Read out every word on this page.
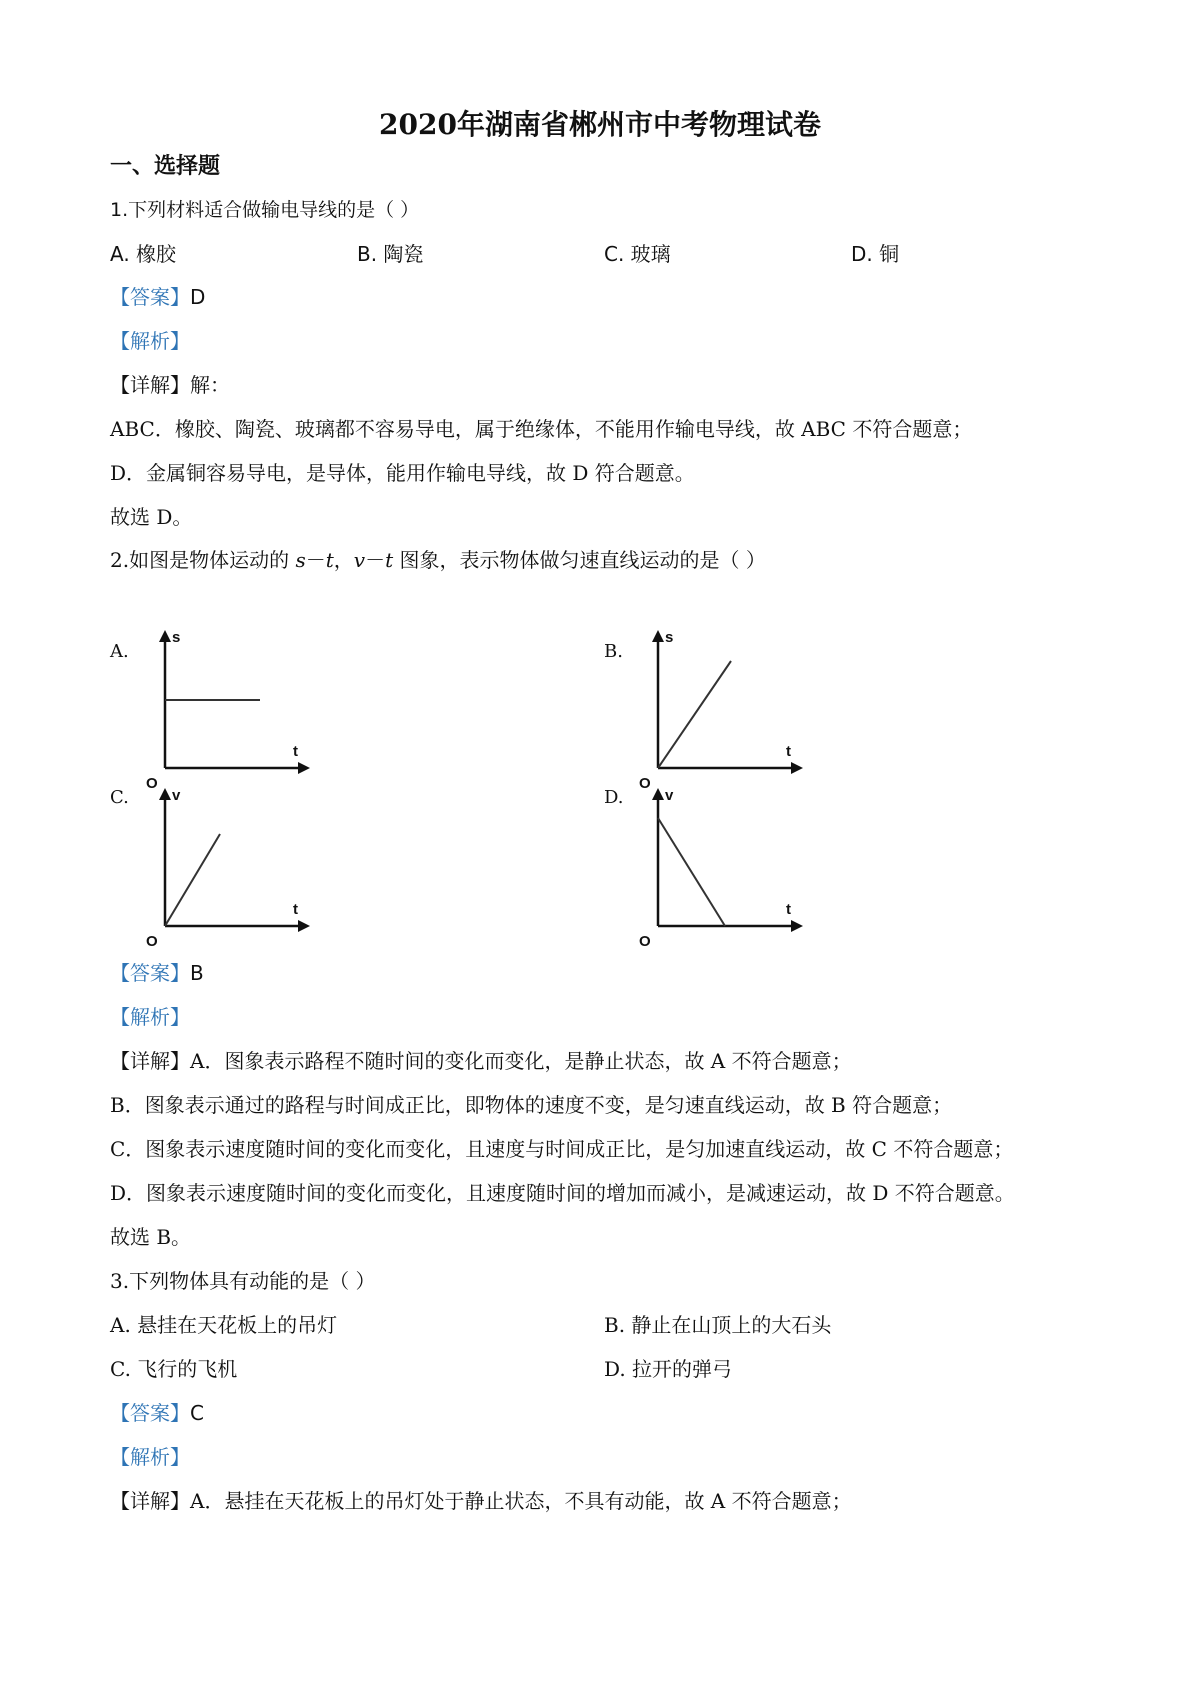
2020年湖南省郴州市中考物理试卷
一、选择题
1.下列材料适合做输电导线的是（ ）
A. 橡胶	B. 陶瓷	C. 玻璃	D. 铜
【答案】D
【解析】
【详解】解：
ABC．橡胶、陶瓷、玻璃都不容易导电，属于绝缘体，不能用作输电导线，故 ABC 不符合题意；
D．金属铜容易导电，是导体，能用作输电导线，故 D 符合题意。
故选 D。
2.如图是物体运动的 s－t，v－t 图象，表示物体做匀速直线运动的是（ ）
A.	B.
C.	D.
s
t
O
s
t
O
v
t
O
v
t
O
【答案】B
【解析】
【详解】A．图象表示路程不随时间的变化而变化，是静止状态，故 A 不符合题意；
B．图象表示通过的路程与时间成正比，即物体的速度不变，是匀速直线运动，故 B 符合题意；
C．图象表示速度随时间的变化而变化，且速度与时间成正比，是匀加速直线运动，故 C 不符合题意；
D．图象表示速度随时间的变化而变化，且速度随时间的增加而减小，是减速运动，故 D 不符合题意。
故选 B。
3.下列物体具有动能的是（ ）
A. 悬挂在天花板上的吊灯	B. 静止在山顶上的大石头
C. 飞行的飞机	D. 拉开的弹弓
【答案】C
【解析】
【详解】A．悬挂在天花板上的吊灯处于静止状态，不具有动能，故 A 不符合题意；
